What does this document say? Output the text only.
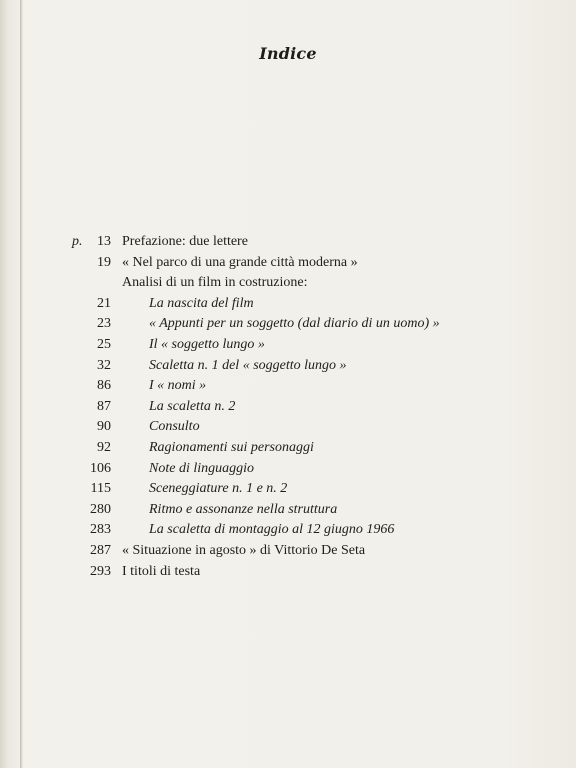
Indice
p. 13 Prefazione: due lettere
19 « Nel parco di una grande città moderna »
Analisi di un film in costruzione:
21	La nascita del film
23	« Appunti per un soggetto (dal diario di un uomo) »
25	Il « soggetto lungo »
32	Scaletta n. 1 del « soggetto lungo »
86	I « nomi »
87	La scaletta n. 2
90	Consulto
92	Ragionamenti sui personaggi
106	Note di linguaggio
115	Sceneggiature n. 1 e n. 2
280	Ritmo e assonanze nella struttura
283	La scaletta di montaggio al 12 giugno 1966
287 « Situazione in agosto » di Vittorio De Seta
293 I titoli di testa
